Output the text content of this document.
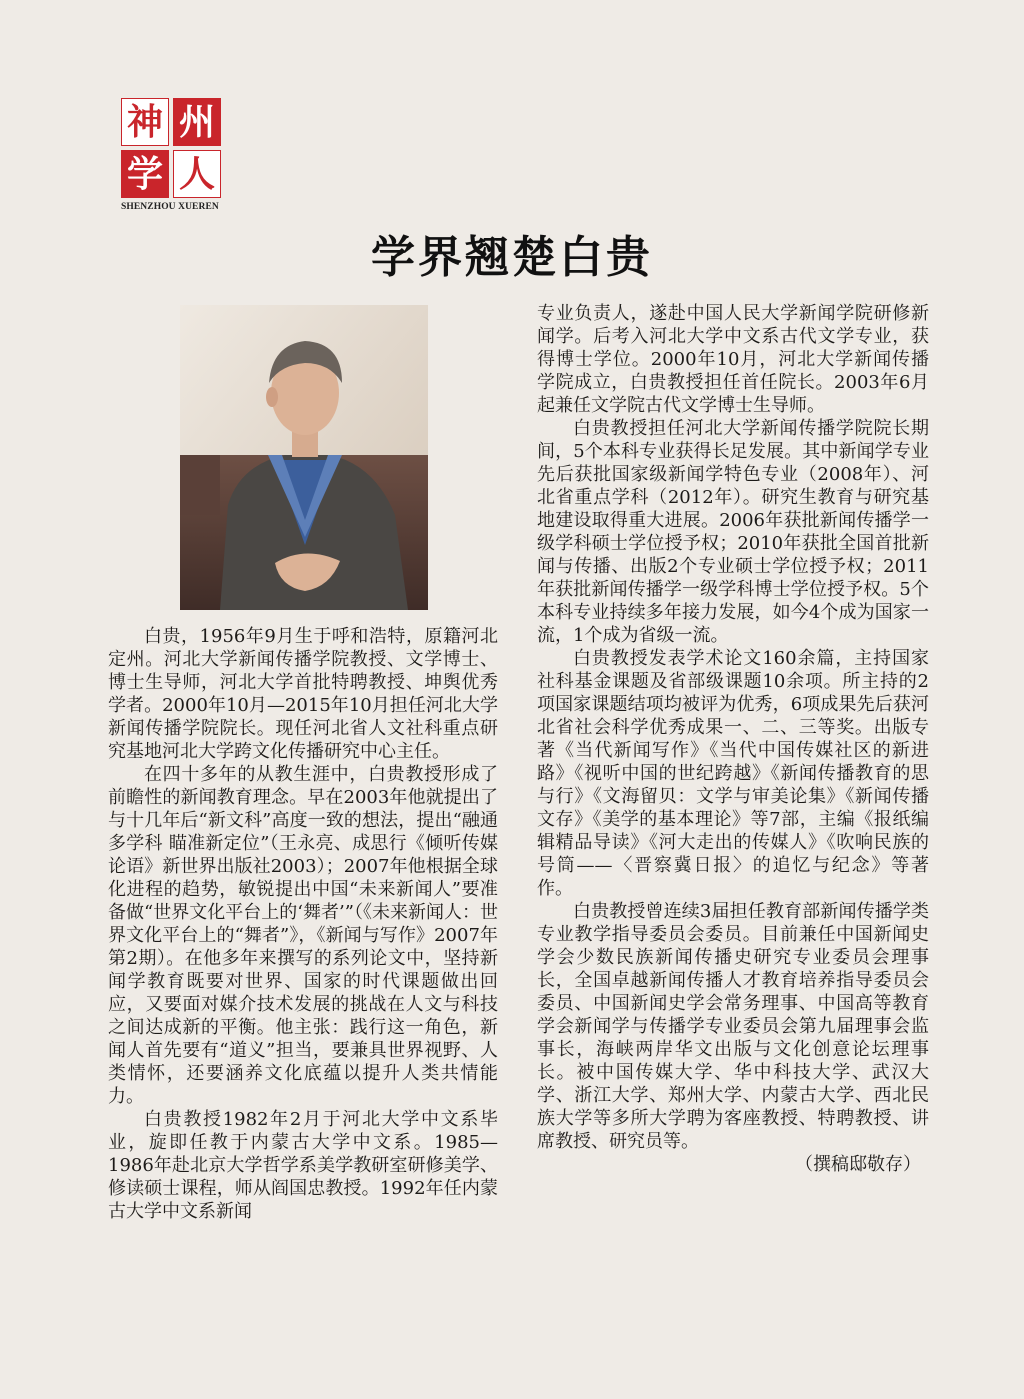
神 州
学 人
SHENZHOU XUEREN
学界翘楚白贵

白贵，1956年9月生于呼和浩特，原籍河北定州。河北大学新闻传播学院教授、文学博士、博士生导师，河北大学首批特聘教授、坤舆优秀学者。2000年10月—2015年10月担任河北大学新闻传播学院院长。现任河北省人文社科重点研究基地河北大学跨文化传播研究中心主任。

在四十多年的从教生涯中，白贵教授形成了前瞻性的新闻教育理念。早在2003年他就提出了与十几年后“新文科”高度一致的想法，提出“融通多学科 瞄准新定位”（王永亮、成思行《倾听传媒论语》新世界出版社2003）；2007年他根据全球化进程的趋势，敏锐提出中国“未来新闻人”要准备做“世界文化平台上的‘舞者’”（《未来新闻人：世界文化平台上的“舞者”》，《新闻与写作》2007年第2期）。在他多年来撰写的系列论文中，坚持新闻学教育既要对世界、国家的时代课题做出回应，又要面对媒介技术发展的挑战在人文与科技之间达成新的平衡。他主张：践行这一角色，新闻人首先要有“道义”担当，要兼具世界视野、人类情怀，还要涵养文化底蕴以提升人类共情能力。

白贵教授1982年2月于河北大学中文系毕业，旋即任教于内蒙古大学中文系。1985—1986年赴北京大学哲学系美学教研室研修美学、修读硕士课程，师从阎国忠教授。1992年任内蒙古大学中文系新闻

专业负责人，遂赴中国人民大学新闻学院研修新闻学。后考入河北大学中文系古代文学专业，获得博士学位。2000年10月，河北大学新闻传播学院成立，白贵教授担任首任院长。2003年6月起兼任文学院古代文学博士生导师。

白贵教授担任河北大学新闻传播学院院长期间，5个本科专业获得长足发展。其中新闻学专业先后获批国家级新闻学特色专业（2008年）、河北省重点学科（2012年）。研究生教育与研究基地建设取得重大进展。2006年获批新闻传播学一级学科硕士学位授予权；2010年获批全国首批新闻与传播、出版2个专业硕士学位授予权；2011年获批新闻传播学一级学科博士学位授予权。5个本科专业持续多年接力发展，如今4个成为国家一流，1个成为省级一流。

白贵教授发表学术论文160余篇，主持国家社科基金课题及省部级课题10余项。所主持的2项国家课题结项均被评为优秀，6项成果先后获河北省社会科学优秀成果一、二、三等奖。出版专著《当代新闻写作》《当代中国传媒社区的新进路》《视听中国的世纪跨越》《新闻传播教育的思与行》《文海留贝：文学与审美论集》《新闻传播文存》《美学的基本理论》等7部，主编《报纸编辑精品导读》《河大走出的传媒人》《吹响民族的号筒——〈晋察冀日报〉的追忆与纪念》等著作。

白贵教授曾连续3届担任教育部新闻传播学类专业教学指导委员会委员。目前兼任中国新闻史学会少数民族新闻传播史研究专业委员会理事长，全国卓越新闻传播人才教育培养指导委员会委员、中国新闻史学会常务理事、中国高等教育学会新闻学与传播学专业委员会第九届理事会监事长，海峡两岸华文出版与文化创意论坛理事长。被中国传媒大学、华中科技大学、武汉大学、浙江大学、郑州大学、内蒙古大学、西北民族大学等多所大学聘为客座教授、特聘教授、讲席教授、研究员等。

（撰稿邸敬存）
